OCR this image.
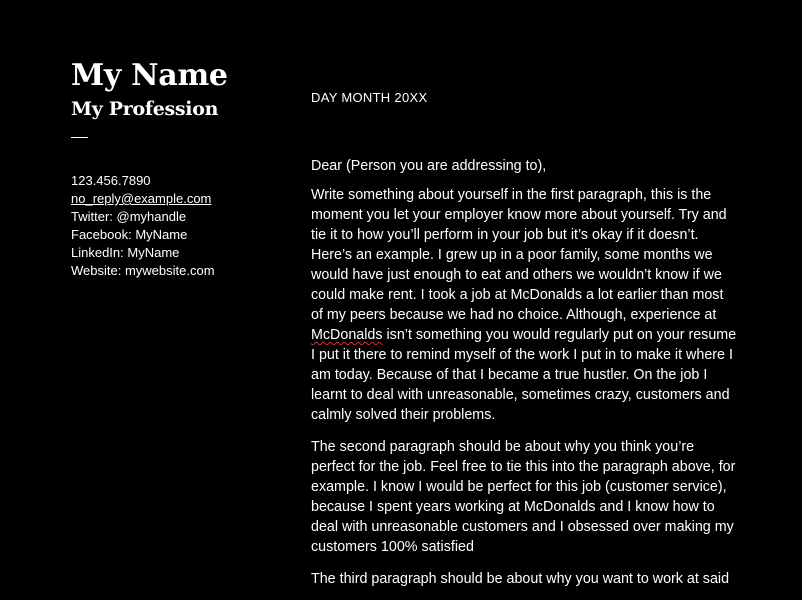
My Name
My Profession
123.456.7890
no_reply@example.com
Twitter: @myhandle
Facebook: MyName
LinkedIn: MyName
Website: mywebsite.com
DAY MONTH 20XX
Dear (Person you are addressing to),

Write something about yourself in the first paragraph, this is the moment you let your employer know more about yourself. Try and tie it to how you’ll perform in your job but it’s okay if it doesn’t. Here’s an example. I grew up in a poor family, some months we would have just enough to eat and others we wouldn’t know if we could make rent. I took a job at McDonalds a lot earlier than most of my peers because we had no choice. Although, experience at McDonalds isn’t something you would regularly put on your resume I put it there to remind myself of the work I put in to make it where I am today. Because of that I became a true hustler. On the job I learnt to deal with unreasonable, sometimes crazy, customers and calmly solved their problems.

The second paragraph should be about why you think you’re perfect for the job. Feel free to tie this into the paragraph above, for example. I know I would be perfect for this job (customer service), because I spent years working at McDonalds and I know how to deal with unreasonable customers and I obsessed over making my customers 100% satisfied

The third paragraph should be about why you want to work at said
